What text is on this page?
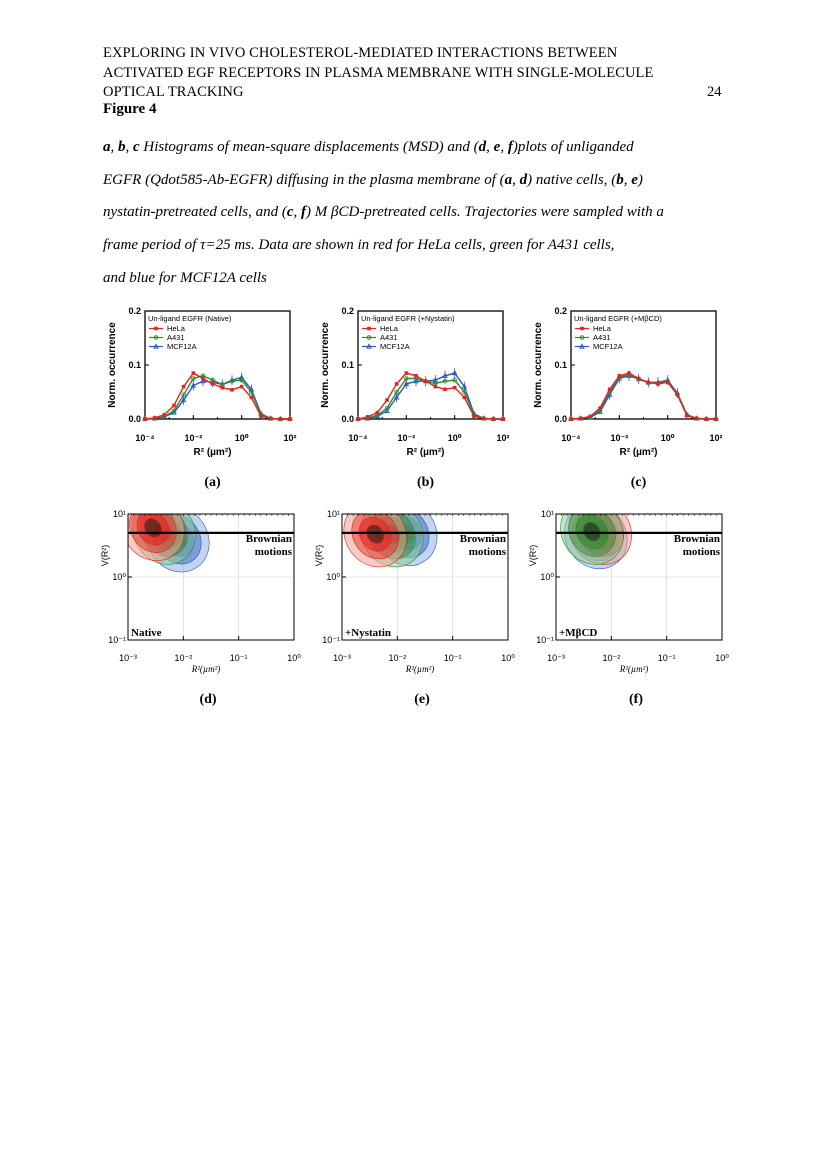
EXPLORING IN VIVO CHOLESTEROL-MEDIATED INTERACTIONS BETWEEN
ACTIVATED EGF RECEPTORS IN PLASMA MEMBRANE WITH SINGLE-MOLECULE
OPTICAL TRACKING	24
Figure 4
a, b, c Histograms of mean-square displacements (MSD) and (d, e, f)plots of unliganded
EGFR (Qdot585-Ab-EGFR) diffusing in the plasma membrane of (a, d) native cells, (b, e)
nystatin-pretreated cells, and (c, f) M βCD-pretreated cells. Trajectories were sampled with a
frame period of τ=25 ms. Data are shown in red for HeLa cells, green for A431 cells,
and blue for MCF12A cells
0.0
0.1
0.2
10⁻⁴	10⁻²	10⁰	10²
Norm. occurrence
R² (µm²)
Un-ligand EGFR (Native)
HeLa
A431
MCF12A
(a)
0.0
0.1
0.2
10⁻⁴	10⁻²	10⁰	10²
Norm. occurrence
R² (µm²)
Un-ligand EGFR (+Nystatin)
HeLa
A431
MCF12A
(b)
0.0
0.1
0.2
10⁻⁴	10⁻²	10⁰	10²
Norm. occurrence
R² (µm²)
Un-ligand EGFR (+MβCD)
HeLa
A431
MCF12A
(c)
Brownian
motions
Native
10⁻³	10⁻²	10⁻¹	10⁰
10¹
10⁰
10⁻¹
V(R²)
R²(µm²)
(d)
Brownian
motions
+Nystatin
10⁻³	10⁻²	10⁻¹	10⁰
10¹
10⁰
10⁻¹
V(R²)
R²(µm²)
(e)
Brownian
motions
+MβCD
10⁻³	10⁻²	10⁻¹	10⁰
10¹
10⁰
10⁻¹
V(R²)
R²(µm²)
(f)
